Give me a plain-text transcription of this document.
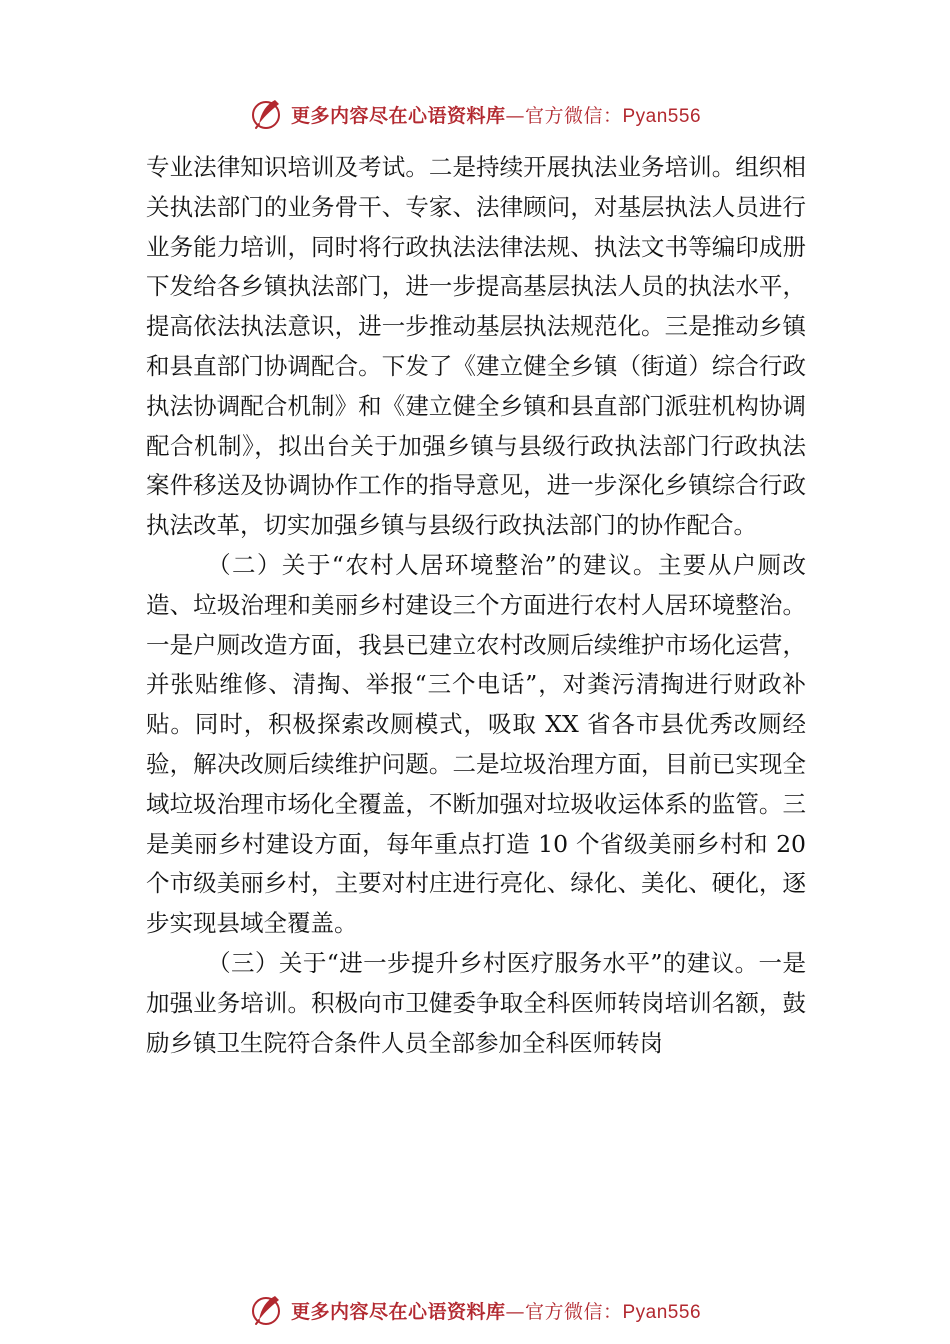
更多内容尽在心语资料库—官方微信：Pyan556

专业法律知识培训及考试。二是持续开展执法业务培训。组织相关执法部门的业务骨干、专家、法律顾问，对基层执法人员进行业务能力培训，同时将行政执法法律法规、执法文书等编印成册下发给各乡镇执法部门，进一步提高基层执法人员的执法水平，提高依法执法意识，进一步推动基层执法规范化。三是推动乡镇和县直部门协调配合。下发了《建立健全乡镇（街道）综合行政执法协调配合机制》和《建立健全乡镇和县直部门派驻机构协调配合机制》，拟出台关于加强乡镇与县级行政执法部门行政执法案件移送及协调协作工作的指导意见，进一步深化乡镇综合行政执法改革，切实加强乡镇与县级行政执法部门的协作配合。

（二）关于“农村人居环境整治”的建议。主要从户厕改造、垃圾治理和美丽乡村建设三个方面进行农村人居环境整治。一是户厕改造方面，我县已建立农村改厕后续维护市场化运营，并张贴维修、清掏、举报“三个电话”，对粪污清掏进行财政补贴。同时，积极探索改厕模式，吸取 XX 省各市县优秀改厕经验，解决改厕后续维护问题。二是垃圾治理方面，目前已实现全域垃圾治理市场化全覆盖，不断加强对垃圾收运体系的监管。三是美丽乡村建设方面，每年重点打造 10 个省级美丽乡村和 20 个市级美丽乡村，主要对村庄进行亮化、绿化、美化、硬化，逐步实现县域全覆盖。

（三）关于“进一步提升乡村医疗服务水平”的建议。一是加强业务培训。积极向市卫健委争取全科医师转岗培训名额，鼓励乡镇卫生院符合条件人员全部参加全科医师转岗

更多内容尽在心语资料库—官方微信：Pyan556
